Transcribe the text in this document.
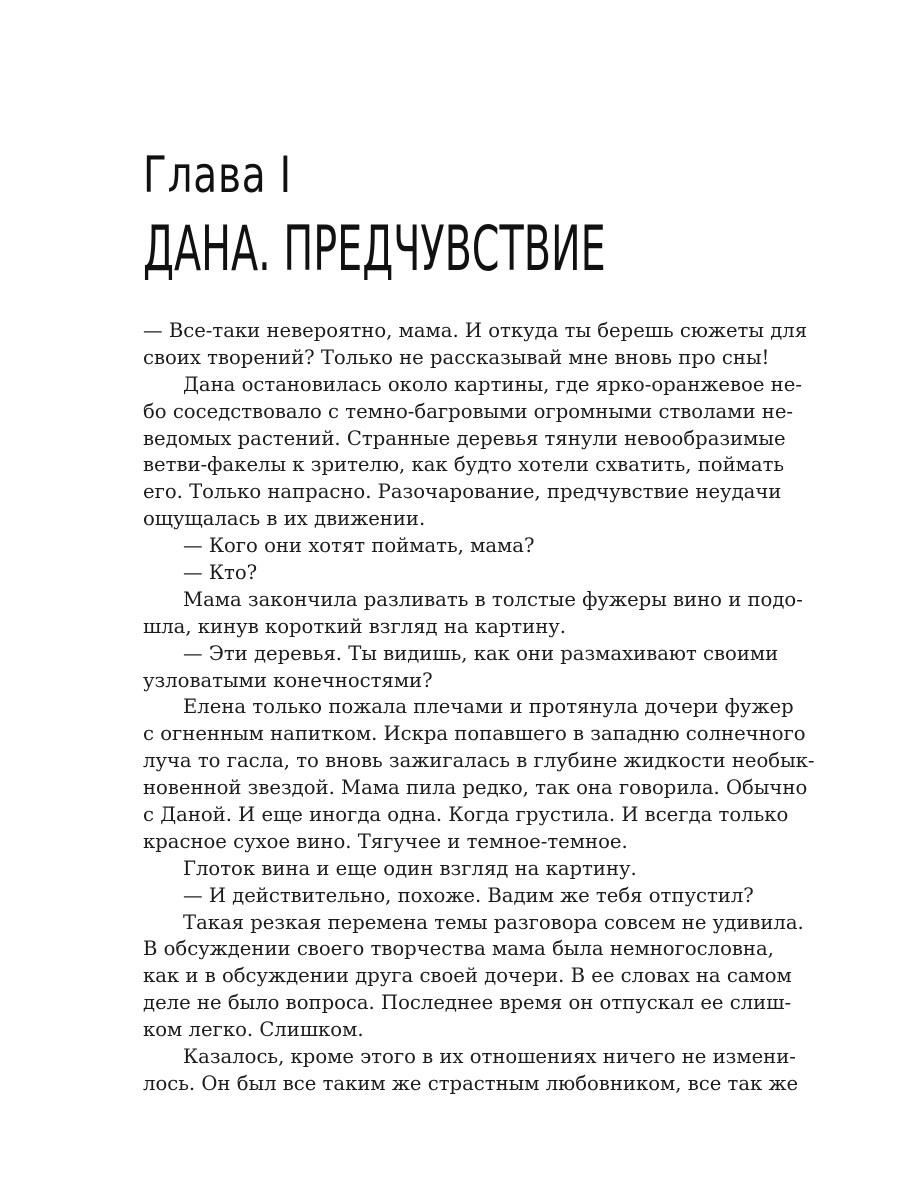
Глава I
ДАНА. ПРЕДЧУВСТВИЕ
— Все-таки невероятно, мама. И откуда ты берешь сюжеты для
своих творений? Только не рассказывай мне вновь про сны!
Дана остановилась около картины, где ярко-оранжевое не-
бо соседствовало с темно-багровыми огромными стволами не-
ведомых растений. Странные деревья тянули невообразимые
ветви-факелы к зрителю, как будто хотели схватить, поймать
его. Только напрасно. Разочарование, предчувствие неудачи
ощущалась в их движении.
— Кого они хотят поймать, мама?
— Кто?
Мама закончила разливать в толстые фужеры вино и подо-
шла, кинув короткий взгляд на картину.
— Эти деревья. Ты видишь, как они размахивают своими
узловатыми конечностями?
Елена только пожала плечами и протянула дочери фужер
с огненным напитком. Искра попавшего в западню солнечного
луча то гасла, то вновь зажигалась в глубине жидкости необык-
новенной звездой. Мама пила редко, так она говорила. Обычно
с Даной. И еще иногда одна. Когда грустила. И всегда только
красное сухое вино. Тягучее и темное-темное.
Глоток вина и еще один взгляд на картину.
— И действительно, похоже. Вадим же тебя отпустил?
Такая резкая перемена темы разговора совсем не удивила.
В обсуждении своего творчества мама была немногословна,
как и в обсуждении друга своей дочери. В ее словах на самом
деле не было вопроса. Последнее время он отпускал ее слиш-
ком легко. Слишком.
Казалось, кроме этого в их отношениях ничего не измени-
лось. Он был все таким же страстным любовником, все так же
